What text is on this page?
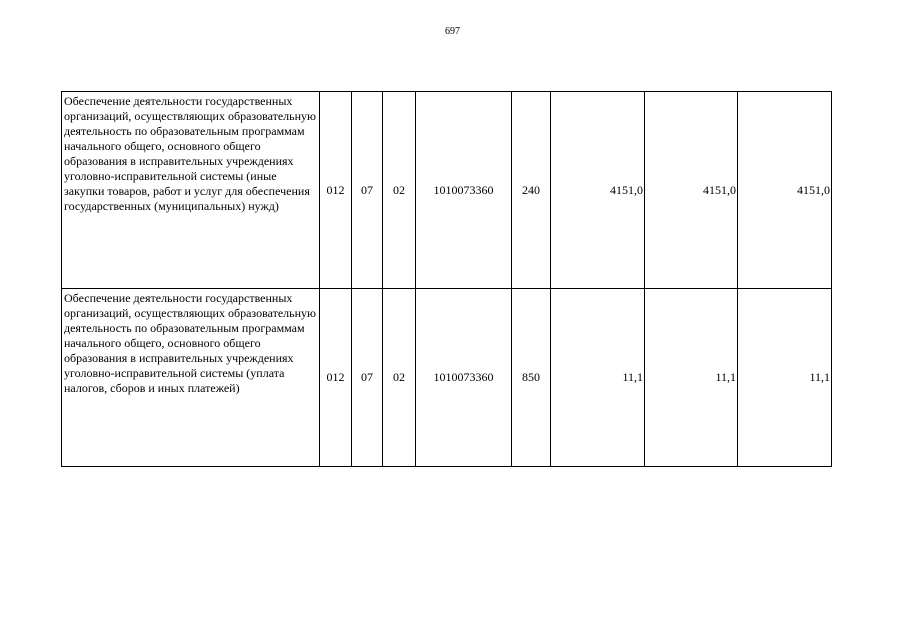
697
Обеспечение деятельности государственных организаций, осуществляющих образовательную деятельность по образовательным программам начального общего, основного общего образования в исправительных учреждениях уголовно-исправительной системы (иные закупки товаров, работ и услуг для обеспечения государственных (муниципальных) нужд)	012	07	02	1010073360	240	4151,0	4151,0	4151,0
Обеспечение деятельности государственных организаций, осуществляющих образовательную деятельность по образовательным программам начального общего, основного общего образования в исправительных учреждениях уголовно-исправительной системы (уплата налогов, сборов и иных платежей)	012	07	02	1010073360	850	11,1	11,1	11,1
